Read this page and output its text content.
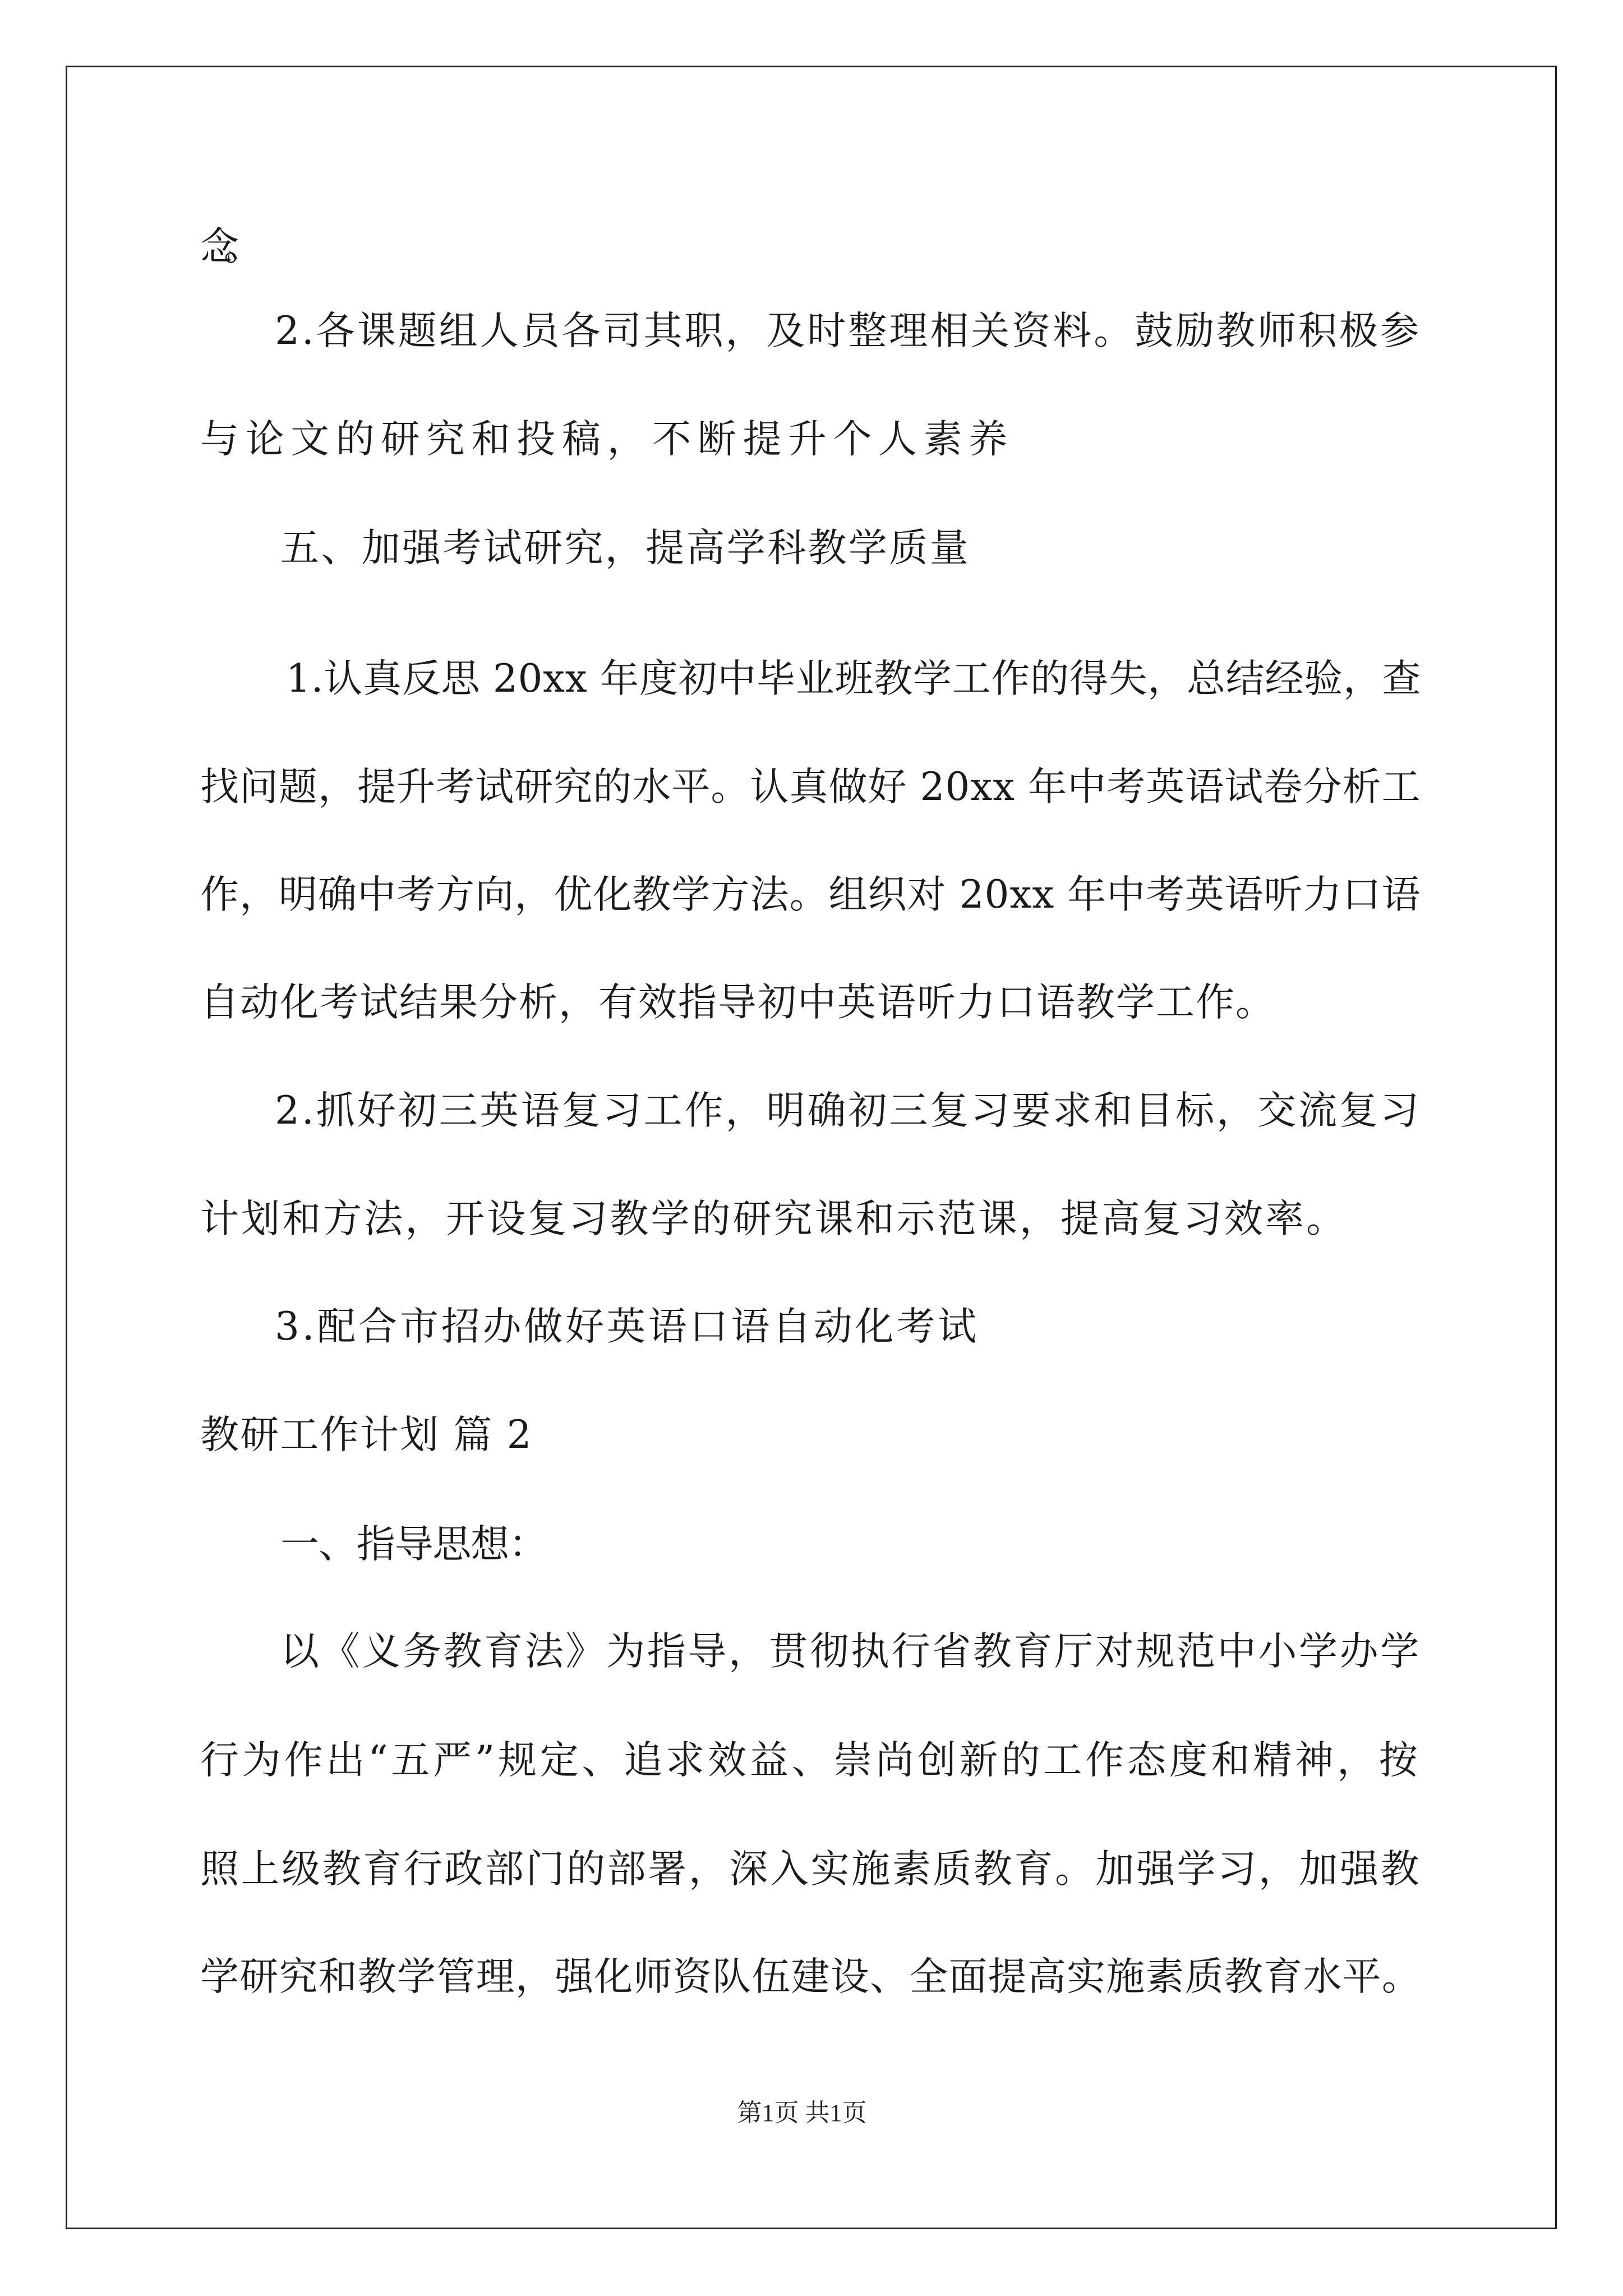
念。
2.各课题组人员各司其职，及时整理相关资料。鼓励教师积极参
与论文的研究和投稿，不断提升个人素养
五、加强考试研究，提高学科教学质量
1.认真反思 20xx 年度初中毕业班教学工作的得失，总结经验，查
找问题，提升考试研究的水平。认真做好 20xx 年中考英语试卷分析工
作，明确中考方向，优化教学方法。组织对 20xx 年中考英语听力口语
自动化考试结果分析，有效指导初中英语听力口语教学工作。
2.抓好初三英语复习工作，明确初三复习要求和目标，交流复习
计划和方法，开设复习教学的研究课和示范课，提高复习效率。
3.配合市招办做好英语口语自动化考试
教研工作计划 篇 2
一、指导思想：
以《义务教育法》为指导，贯彻执行省教育厅对规范中小学办学
行为作出“五严”规定、追求效益、崇尚创新的工作态度和精神，按
照上级教育行政部门的部署，深入实施素质教育。加强学习，加强教
学研究和教学管理，强化师资队伍建设、全面提高实施素质教育水平。
第1页 共1页
